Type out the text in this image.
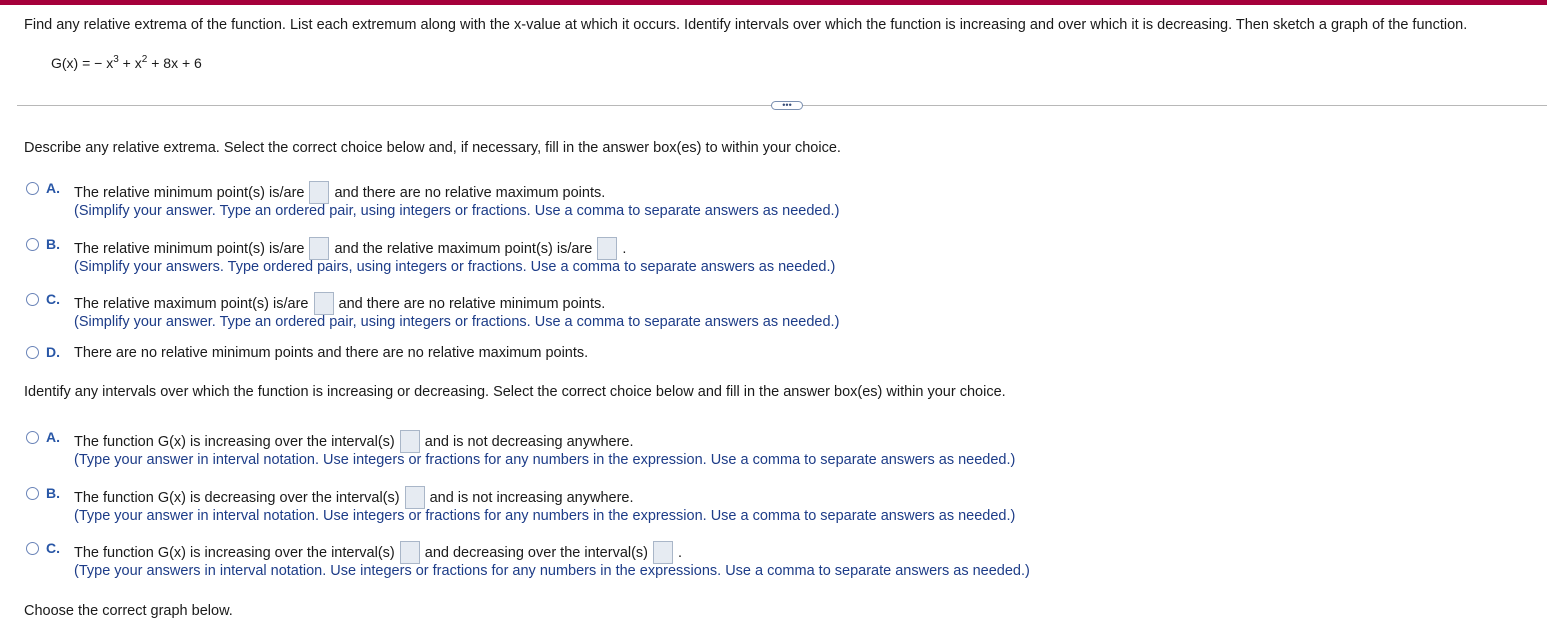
Find any relative extrema of the function. List each extremum along with the x-value at which it occurs. Identify intervals over which the function is increasing and over which it is decreasing. Then sketch a graph of the function.
G(x) = − $x^3 + x^2 + 8x + 6$
•••
Describe any relative extrema. Select the correct choice below and, if necessary, fill in the answer box(es) to within your choice.
A. The relative minimum point(s) is/are and there are no relative maximum points.
(Simplify your answer. Type an ordered pair, using integers or fractions. Use a comma to separate answers as needed.)
B. The relative minimum point(s) is/are and the relative maximum point(s) is/are .
(Simplify your answers. Type ordered pairs, using integers or fractions. Use a comma to separate answers as needed.)
C. The relative maximum point(s) is/are and there are no relative minimum points.
(Simplify your answer. Type an ordered pair, using integers or fractions. Use a comma to separate answers as needed.)
D. There are no relative minimum points and there are no relative maximum points.
Identify any intervals over which the function is increasing or decreasing. Select the correct choice below and fill in the answer box(es) within your choice.
A. The function G(x) is increasing over the interval(s) and is not decreasing anywhere.
(Type your answer in interval notation. Use integers or fractions for any numbers in the expression. Use a comma to separate answers as needed.)
B. The function G(x) is decreasing over the interval(s) and is not increasing anywhere.
(Type your answer in interval notation. Use integers or fractions for any numbers in the expression. Use a comma to separate answers as needed.)
C. The function G(x) is increasing over the interval(s) and decreasing over the interval(s) .
(Type your answers in interval notation. Use integers or fractions for any numbers in the expressions. Use a comma to separate answers as needed.)
Choose the correct graph below.
